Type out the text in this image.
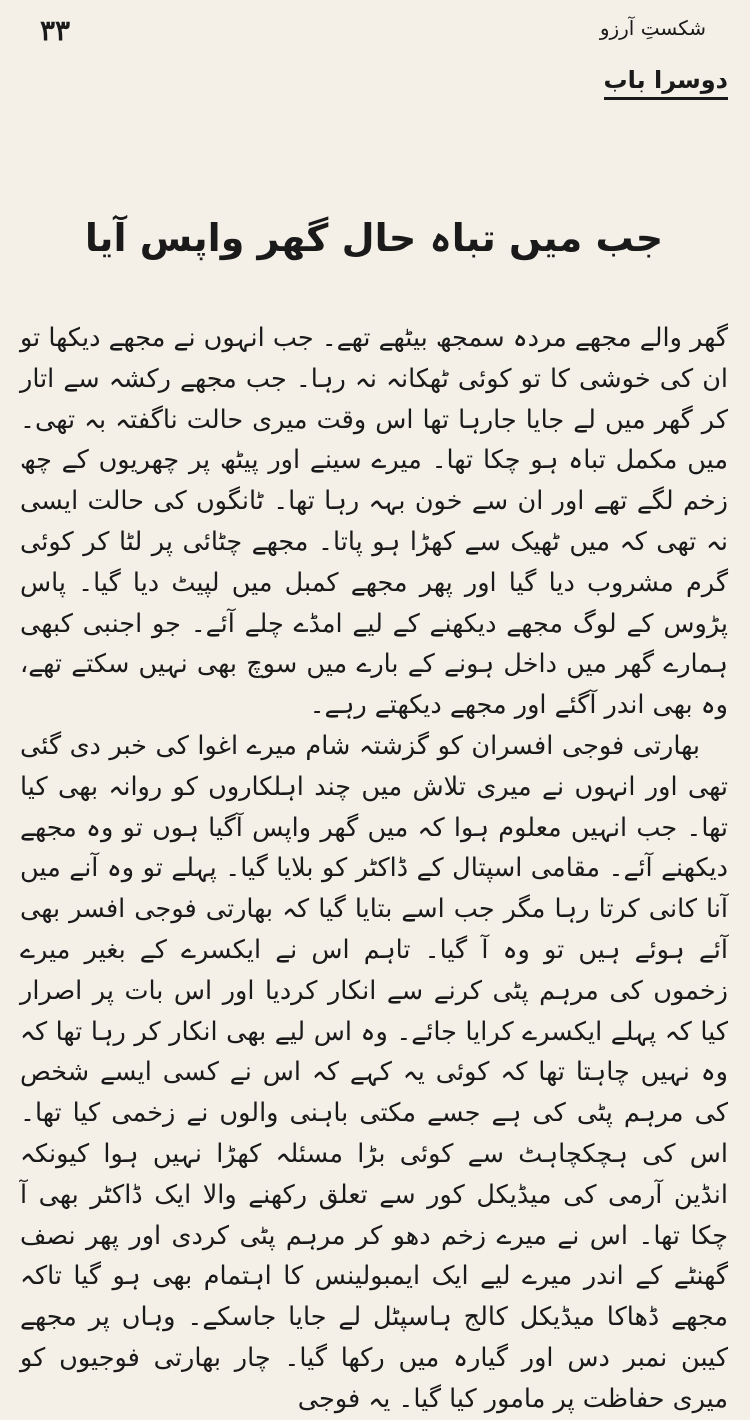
۳۳	شکستِ آرزو
دوسرا باب
جب میں تباہ حال گھر واپس آیا

گھر والے مجھے مردہ سمجھ بیٹھے تھے۔ جب انہوں نے مجھے دیکھا تو ان کی خوشی کا تو کوئی ٹھکانہ نہ رہا۔ جب مجھے رکشہ سے اتار کر گھر میں لے جایا جارہا تھا اس وقت میری حالت ناگفتہ بہ تھی۔ میں مکمل تباہ ہو چکا تھا۔ میرے سینے اور پیٹھ پر چھریوں کے چھ زخم لگے تھے اور ان سے خون بہہ رہا تھا۔ ٹانگوں کی حالت ایسی نہ تھی کہ میں ٹھیک سے کھڑا ہو پاتا۔ مجھے چٹائی پر لٹا کر کوئی گرم مشروب دیا گیا اور پھر مجھے کمبل میں لپیٹ دیا گیا۔ پاس پڑوس کے لوگ مجھے دیکھنے کے لیے امڈے چلے آئے۔ جو اجنبی کبھی ہمارے گھر میں داخل ہونے کے بارے میں سوچ بھی نہیں سکتے تھے، وہ بھی اندر آگئے اور مجھے دیکھتے رہے۔

بھارتی فوجی افسران کو گزشتہ شام میرے اغوا کی خبر دی گئی تھی اور انہوں نے میری تلاش میں چند اہلکاروں کو روانہ بھی کیا تھا۔ جب انہیں معلوم ہوا کہ میں گھر واپس آگیا ہوں تو وہ مجھے دیکھنے آئے۔ مقامی اسپتال کے ڈاکٹر کو بلایا گیا۔ پہلے تو وہ آنے میں آنا کانی کرتا رہا مگر جب اسے بتایا گیا کہ بھارتی فوجی افسر بھی آئے ہوئے ہیں تو وہ آ گیا۔ تاہم اس نے ایکسرے کے بغیر میرے زخموں کی مرہم پٹی کرنے سے انکار کردیا اور اس بات پر اصرار کیا کہ پہلے ایکسرے کرایا جائے۔ وہ اس لیے بھی انکار کر رہا تھا کہ وہ نہیں چاہتا تھا کہ کوئی یہ کہے کہ اس نے کسی ایسے شخص کی مرہم پٹی کی ہے جسے مکتی باہنی والوں نے زخمی کیا تھا۔ اس کی ہچکچاہٹ سے کوئی بڑا مسئلہ کھڑا نہیں ہوا کیونکہ انڈین آرمی کی میڈیکل کور سے تعلق رکھنے والا ایک ڈاکٹر بھی آ چکا تھا۔ اس نے میرے زخم دھو کر مرہم پٹی کردی اور پھر نصف گھنٹے کے اندر میرے لیے ایک ایمبولینس کا اہتمام بھی ہو گیا تاکہ مجھے ڈھاکا میڈیکل کالج ہاسپٹل لے جایا جاسکے۔ وہاں پر مجھے کیبن نمبر دس اور گیارہ میں رکھا گیا۔ چار بھارتی فوجیوں کو میری حفاظت پر مامور کیا گیا۔ یہ فوجی
